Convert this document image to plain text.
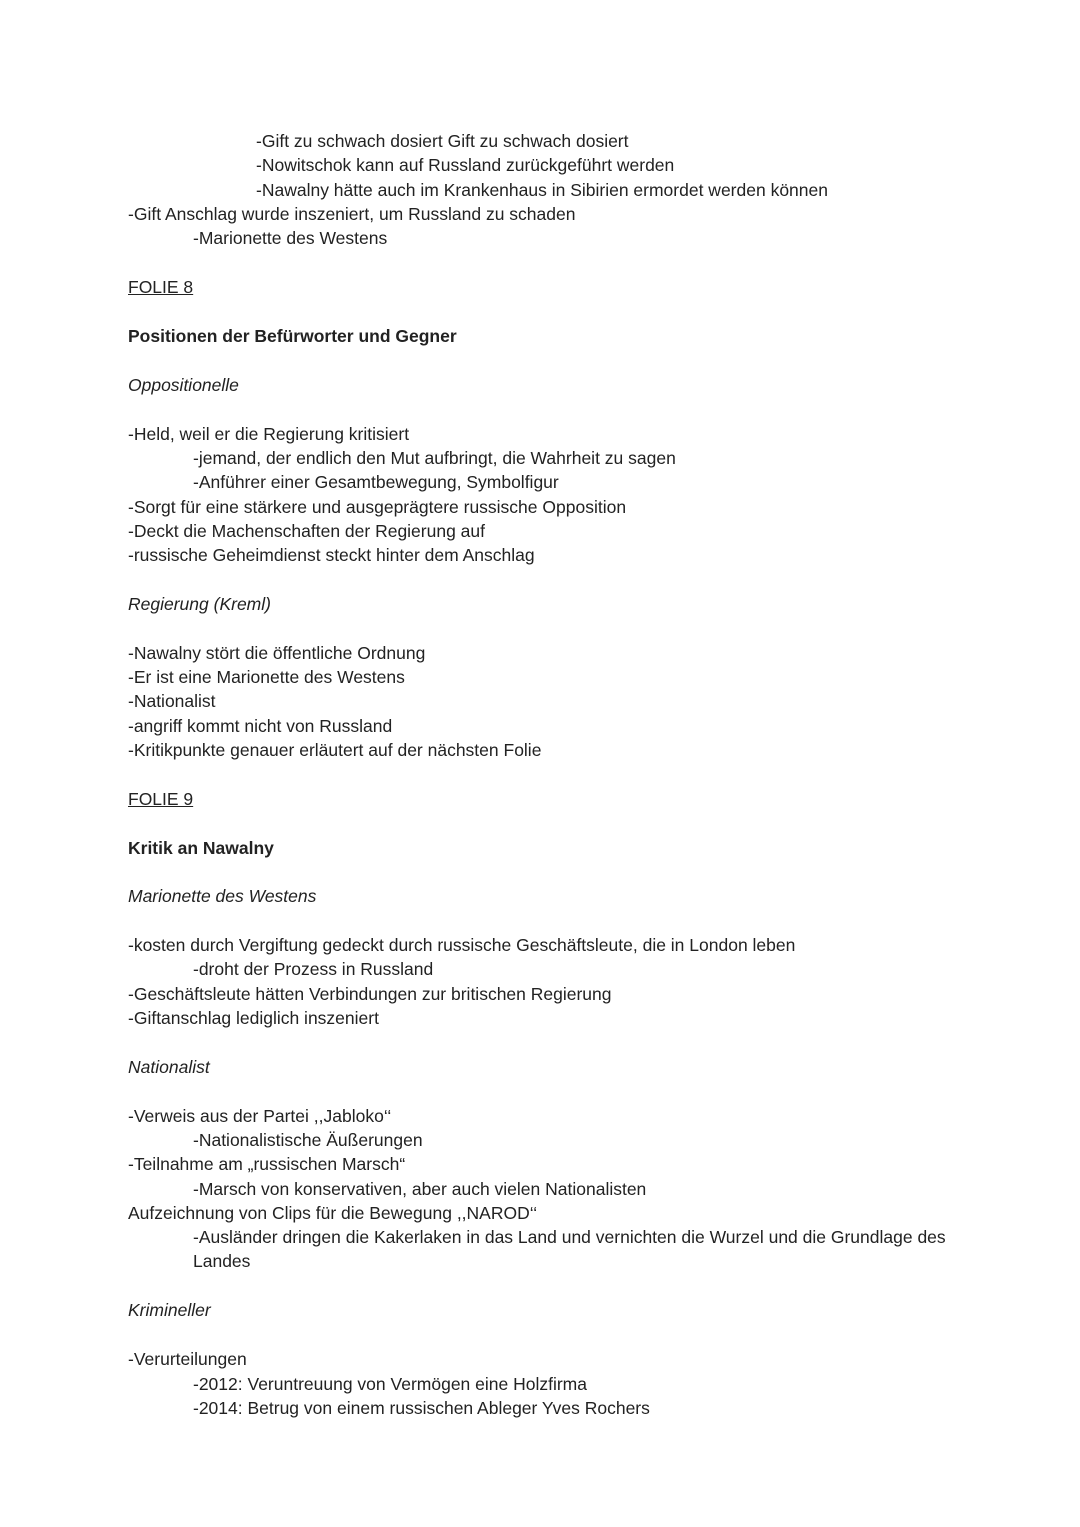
-Gift zu schwach dosiert Gift zu schwach dosiert

-Nowitschok kann auf Russland zurückgeführt werden

-Nawalny hätte auch im Krankenhaus in Sibirien ermordet werden können

-Gift Anschlag wurde inszeniert, um Russland zu schaden

-Marionette des Westens

FOLIE 8

Positionen der Befürworter und Gegner

Oppositionelle

-Held, weil er die Regierung kritisiert

-jemand, der endlich den Mut aufbringt, die Wahrheit zu sagen

-Anführer einer Gesamtbewegung, Symbolfigur

-Sorgt für eine stärkere und ausgeprägtere russische Opposition

-Deckt die Machenschaften der Regierung auf

-russische Geheimdienst steckt hinter dem Anschlag

Regierung (Kreml)

-Nawalny stört die öffentliche Ordnung

-Er ist eine Marionette des Westens

-Nationalist

-angriff kommt nicht von Russland

-Kritikpunkte genauer erläutert auf der nächsten Folie

FOLIE 9

Kritik an Nawalny

Marionette des Westens

-kosten durch Vergiftung gedeckt durch russische Geschäftsleute, die in London leben

-droht der Prozess in Russland

-Geschäftsleute hätten Verbindungen zur britischen Regierung

-Giftanschlag lediglich inszeniert

Nationalist

-Verweis aus der Partei ,,Jabloko‘‘

-Nationalistische Äußerungen

-Teilnahme am „russischen Marsch“

-Marsch von konservativen, aber auch vielen Nationalisten

Aufzeichnung von Clips für die Bewegung ,,NAROD‘‘

-Ausländer dringen die Kakerlaken in das Land und vernichten die Wurzel und die Grundlage des Landes

Krimineller

-Verurteilungen

-2012: Veruntreuung von Vermögen eine Holzfirma

-2014: Betrug von einem russischen Ableger Yves Rochers
